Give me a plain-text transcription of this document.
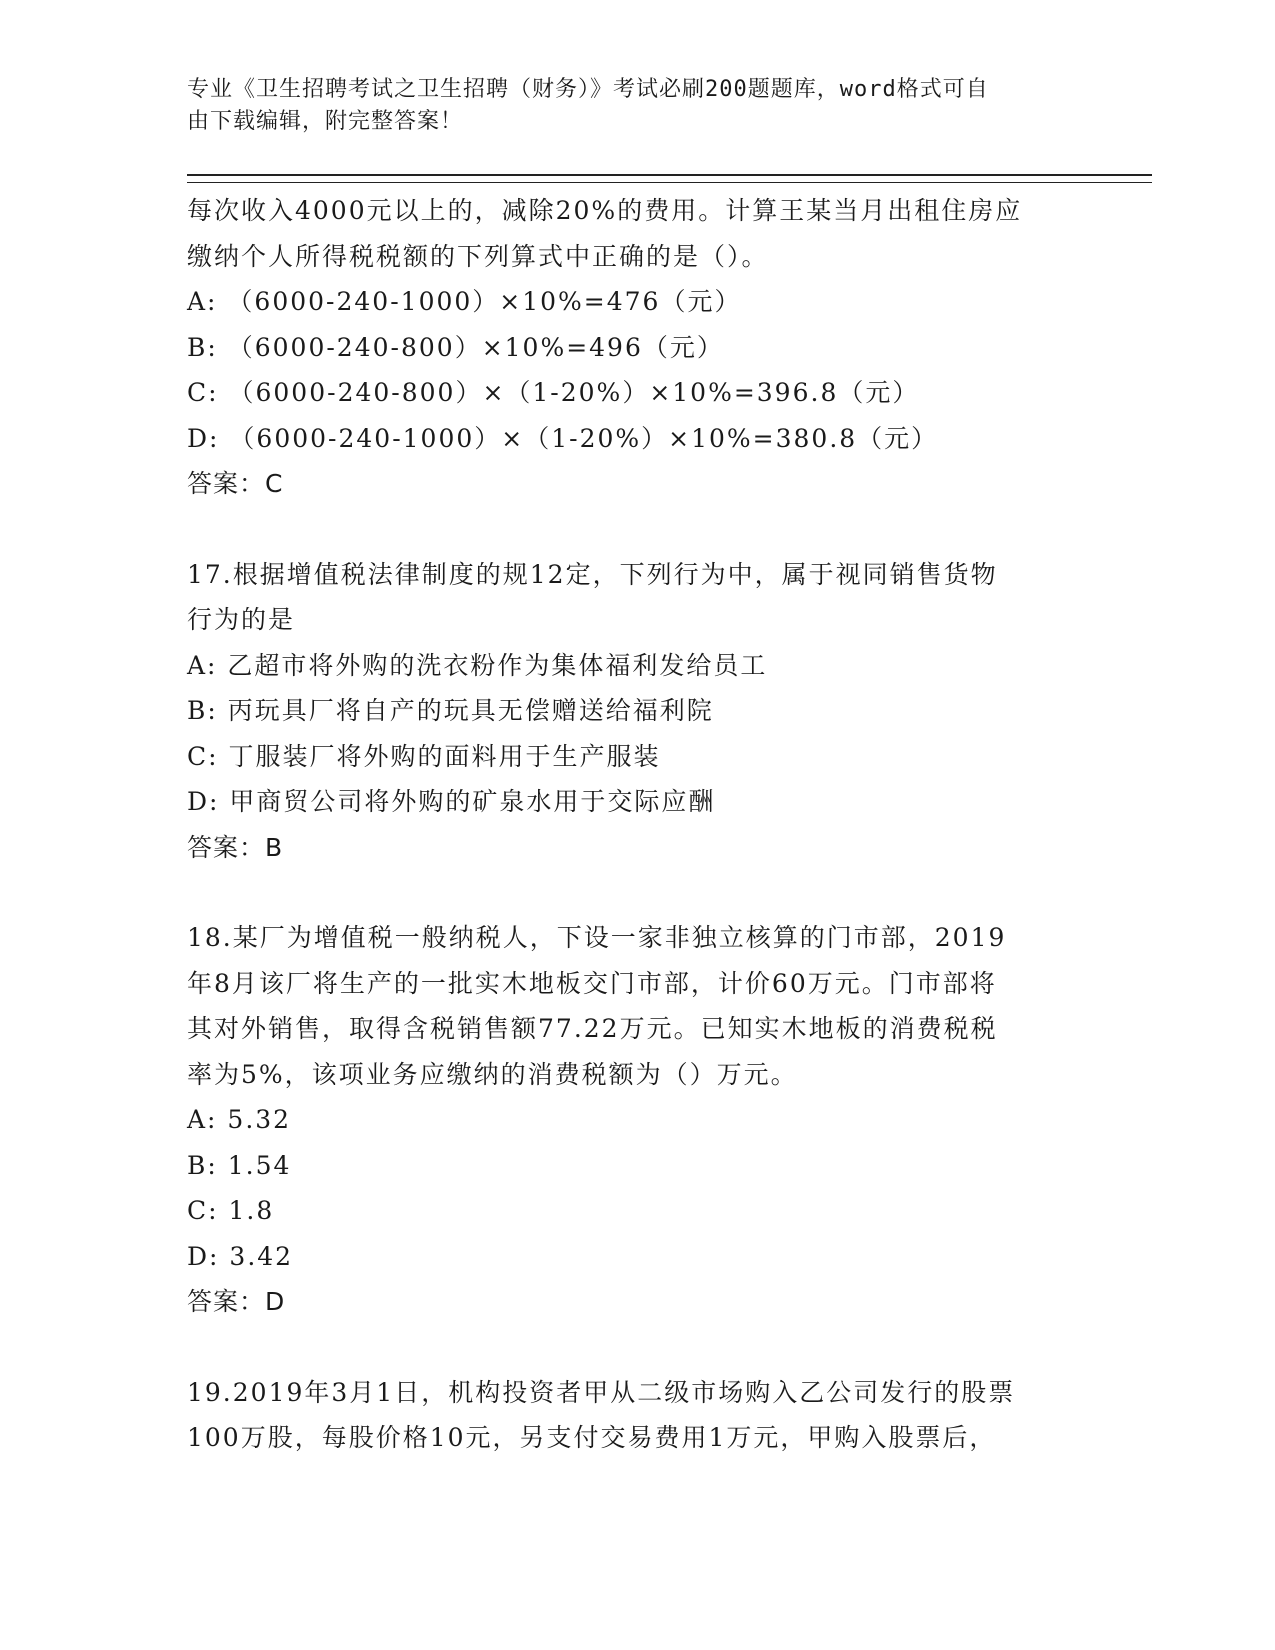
专业《卫生招聘考试之卫生招聘（财务）》考试必刷200题题库，word格式可自
由下载编辑，附完整答案！
每次收入4000元以上的，减除20%的费用。计算王某当月出租住房应
缴纳个人所得税税额的下列算式中正确的是（）。
A: （6000-240-1000）×10%=476（元）
B: （6000-240-800）×10%=496（元）
C: （6000-240-800）×（1-20%）×10%=396.8（元）
D: （6000-240-1000）×（1-20%）×10%=380.8（元）
答案：C
17.根据增值税法律制度的规12定，下列行为中，属于视同销售货物
行为的是
A: 乙超市将外购的洗衣粉作为集体福利发给员工
B: 丙玩具厂将自产的玩具无偿赠送给福利院
C: 丁服装厂将外购的面料用于生产服装
D: 甲商贸公司将外购的矿泉水用于交际应酬
答案：B
18.某厂为增值税一般纳税人，下设一家非独立核算的门市部，2019
年8月该厂将生产的一批实木地板交门市部，计价60万元。门市部将
其对外销售，取得含税销售额77.22万元。已知实木地板的消费税税
率为5%，该项业务应缴纳的消费税额为（）万元。
A: 5.32
B: 1.54
C: 1.8
D: 3.42
答案：D
19.2019年3月1日，机构投资者甲从二级市场购入乙公司发行的股票
100万股，每股价格10元，另支付交易费用1万元，甲购入股票后，
